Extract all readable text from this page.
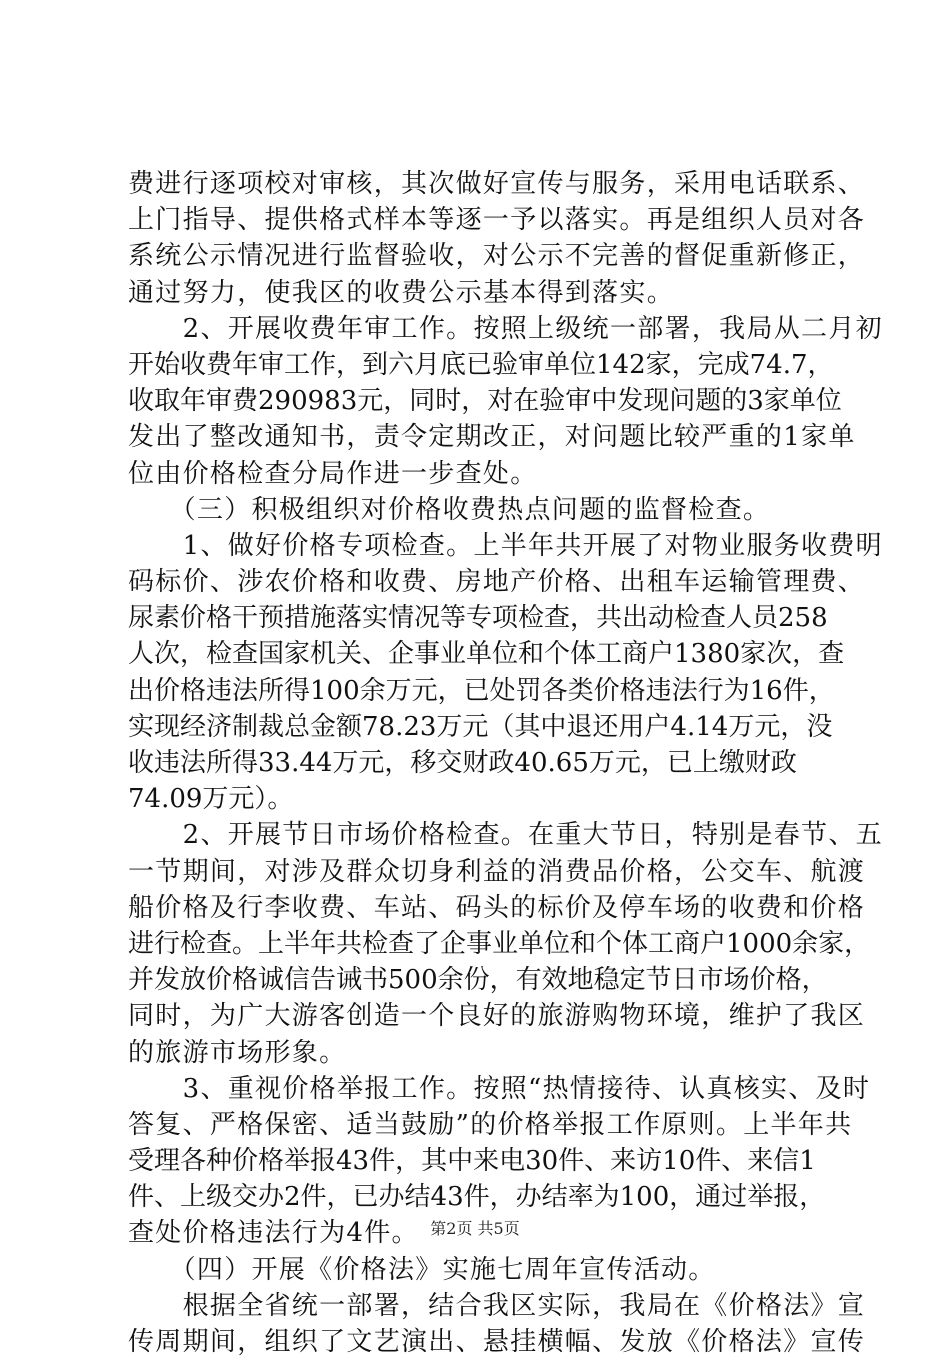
费进行逐项校对审核，其次做好宣传与服务，采用电话联系、
上门指导、提供格式样本等逐一予以落实。再是组织人员对各
系统公示情况进行监督验收，对公示不完善的督促重新修正，
通过努力，使我区的收费公示基本得到落实。
　　2、开展收费年审工作。按照上级统一部署，我局从二月初
开始收费年审工作，到六月底已验审单位142家，完成74.7，
收取年审费290983元，同时，对在验审中发现问题的3家单位
发出了整改通知书，责令定期改正，对问题比较严重的1家单
位由价格检查分局作进一步查处。
　　（三）积极组织对价格收费热点问题的监督检查。
　　1、做好价格专项检查。上半年共开展了对物业服务收费明
码标价、涉农价格和收费、房地产价格、出租车运输管理费、
尿素价格干预措施落实情况等专项检查，共出动检查人员258
人次，检查国家机关、企事业单位和个体工商户1380家次，查
出价格违法所得100余万元，已处罚各类价格违法行为16件，
实现经济制裁总金额78.23万元（其中退还用户4.14万元，没
收违法所得33.44万元，移交财政40.65万元，已上缴财政
74.09万元）。
　　2、开展节日市场价格检查。在重大节日，特别是春节、五
一节期间，对涉及群众切身利益的消费品价格，公交车、航渡
船价格及行李收费、车站、码头的标价及停车场的收费和价格
进行检查。上半年共检查了企事业单位和个体工商户1000余家，
并发放价格诚信告诫书500余份，有效地稳定节日市场价格，
同时，为广大游客创造一个良好的旅游购物环境，维护了我区
的旅游市场形象。
　　3、重视价格举报工作。按照“热情接待、认真核实、及时
答复、严格保密、适当鼓励”的价格举报工作原则。上半年共
受理各种价格举报43件，其中来电30件、来访10件、来信1
件、上级交办2件，已办结43件，办结率为100，通过举报，
查处价格违法行为4件。
　　（四）开展《价格法》实施七周年宣传活动。
　　根据全省统一部署，结合我区实际，我局在《价格法》宣
传周期间，组织了文艺演出、悬挂横幅、发放《价格法》宣传
第2页 共5页
